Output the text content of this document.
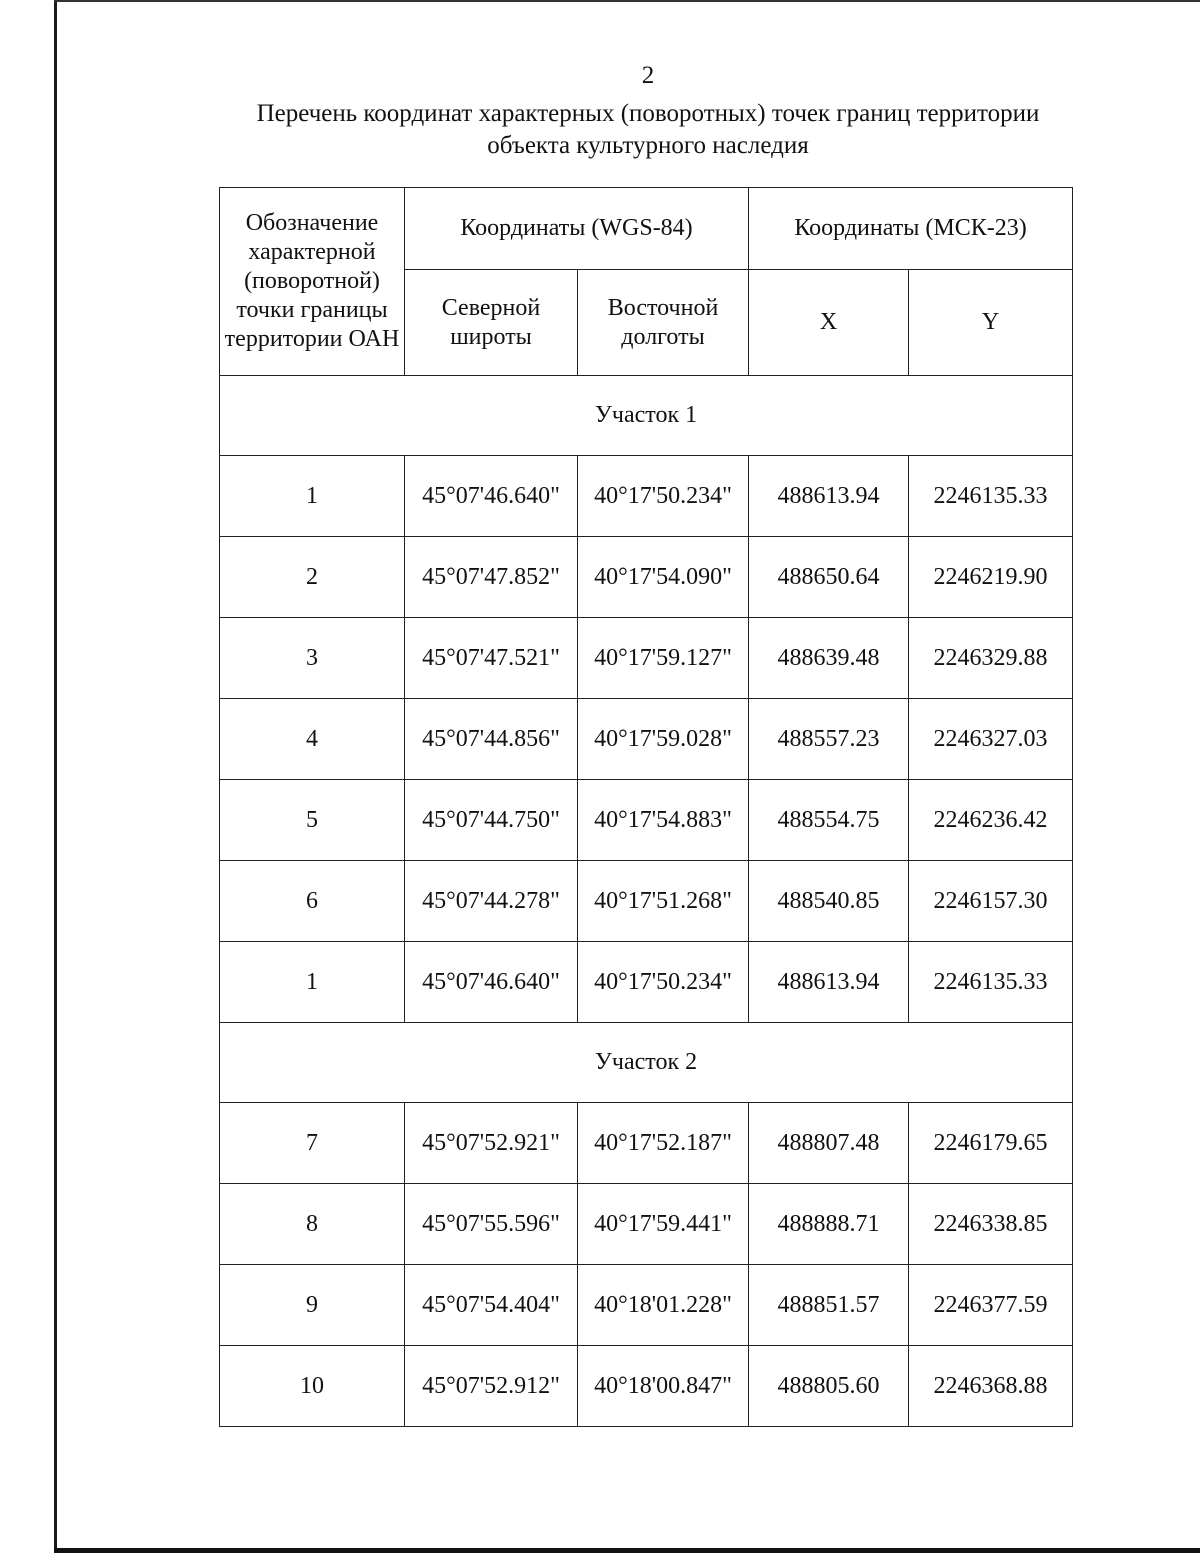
2
Перечень координат характерных (поворотных) точек границ территории
объекта культурного наследия
Обозначение характерной (поворотной) точки границы территории ОАН	Координаты (WGS-84)		Координаты (МСК-23)	
	Северной широты	Восточной долготы	X	Y
Участок 1				
1	45°07'46.640"	40°17'50.234"	488613.94	2246135.33
2	45°07'47.852"	40°17'54.090"	488650.64	2246219.90
3	45°07'47.521"	40°17'59.127"	488639.48	2246329.88
4	45°07'44.856"	40°17'59.028"	488557.23	2246327.03
5	45°07'44.750"	40°17'54.883"	488554.75	2246236.42
6	45°07'44.278"	40°17'51.268"	488540.85	2246157.30
1	45°07'46.640"	40°17'50.234"	488613.94	2246135.33
Участок 2				
7	45°07'52.921"	40°17'52.187"	488807.48	2246179.65
8	45°07'55.596"	40°17'59.441"	488888.71	2246338.85
9	45°07'54.404"	40°18'01.228"	488851.57	2246377.59
10	45°07'52.912"	40°18'00.847"	488805.60	2246368.88
